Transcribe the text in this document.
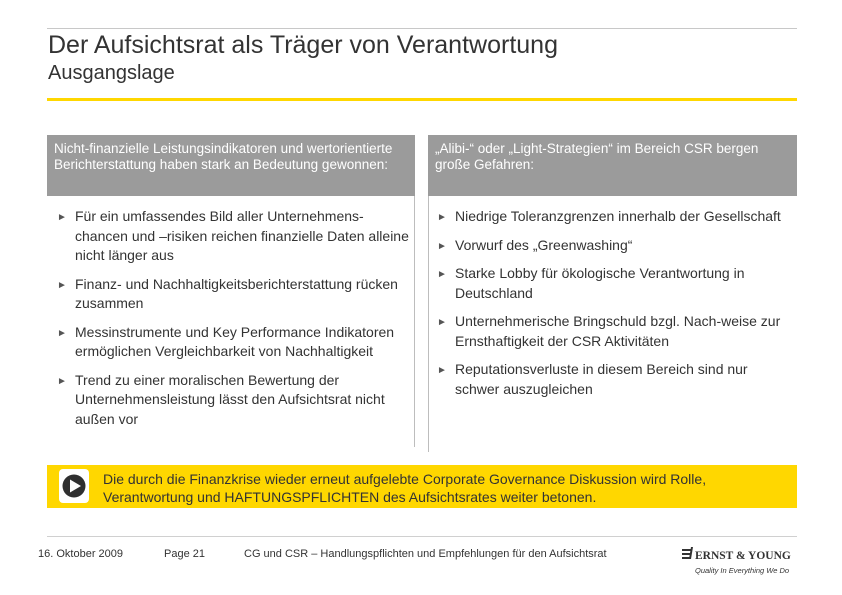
Der Aufsichtsrat als Träger von Verantwortung
Ausgangslage
Nicht-finanzielle Leistungsindikatoren und wertorientierte Berichterstattung haben stark an Bedeutung gewonnen:
„Alibi-“ oder „Light-Strategien“ im Bereich CSR bergen große Gefahren:
► Für ein umfassendes Bild aller Unternehmens-chancen und –risiken reichen finanzielle Daten alleine nicht länger aus
► Finanz- und Nachhaltigkeitsberichterstattung rücken zusammen
► Messinstrumente und Key Performance Indikatoren ermöglichen Vergleichbarkeit von Nachhaltigkeit
► Trend zu einer moralischen Bewertung der Unternehmensleistung lässt den Aufsichtsrat nicht außen vor
► Niedrige Toleranzgrenzen innerhalb der Gesellschaft
► Vorwurf des „Greenwashing“
► Starke Lobby für ökologische Verantwortung in Deutschland
► Unternehmerische Bringschuld bzgl. Nach-weise zur Ernsthaftigkeit der CSR Aktivitäten
► Reputationsverluste in diesem Bereich sind nur schwer auszugleichen
Die durch die Finanzkrise wieder erneut aufgelebte Corporate Governance Diskussion wird Rolle, Verantwortung und HAFTUNGSPFLICHTEN des Aufsichtsrates weiter betonen.
16. Oktober 2009	Page 21	CG und CSR – Handlungspflichten und Empfehlungen für den Aufsichtsrat	ERNST & YOUNG
Quality In Everything We Do
